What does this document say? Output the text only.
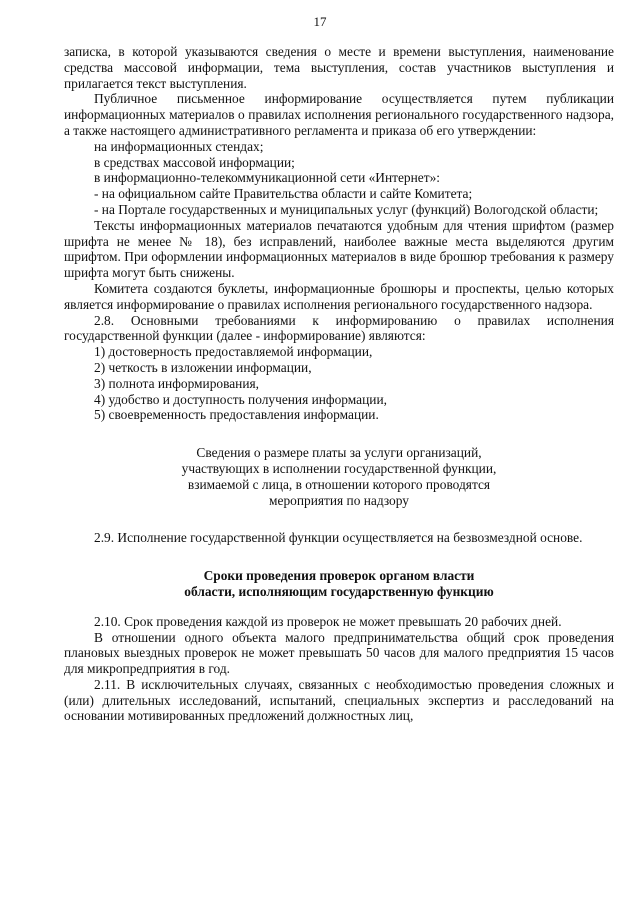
17

записка, в которой указываются сведения о месте и времени выступления, наименование средства массовой информации, тема выступления, состав участников выступления и прилагается текст выступления.

Публичное письменное информирование осуществляется путем публикации информационных материалов о правилах исполнения регионального государственного надзора, а также настоящего административного регламента и приказа об его утверждении:

на информационных стендах;

в средствах массовой информации;

в информационно-телекоммуникационной сети «Интернет»:

- на официальном сайте Правительства области и сайте Комитета;

- на Портале государственных и муниципальных услуг (функций) Вологодской области;

Тексты информационных материалов печатаются удобным для чтения шрифтом (размер шрифта не менее № 18), без исправлений, наиболее важные места выделяются другим шрифтом. При оформлении информационных материалов в виде брошюр требования к размеру шрифта могут быть снижены.

Комитета создаются буклеты, информационные брошюры и проспекты, целью которых является информирование о правилах исполнения регионального государственного надзора.

2.8. Основными требованиями к информированию о правилах исполнения государственной функции (далее - информирование) являются:

1) достоверность предоставляемой информации,

2) четкость в изложении информации,

3) полнота информирования,

4) удобство и доступность получения информации,

5) своевременность предоставления информации.

Сведения о размере платы за услуги организаций,

участвующих в исполнении государственной функции,

взимаемой с лица, в отношении которого проводятся

мероприятия по надзору

2.9. Исполнение государственной функции осуществляется на безвозмездной основе.

Сроки проведения проверок органом власти

области, исполняющим государственную функцию

2.10. Срок проведения каждой из проверок не может превышать 20 рабочих дней.

В отношении одного объекта малого предпринимательства общий срок проведения плановых выездных проверок не может превышать 50 часов для малого предприятия 15 часов для микропредприятия в год.

2.11. В исключительных случаях, связанных с необходимостью проведения сложных и (или) длительных исследований, испытаний, специальных экспертиз и расследований на основании мотивированных предложений должностных лиц,
